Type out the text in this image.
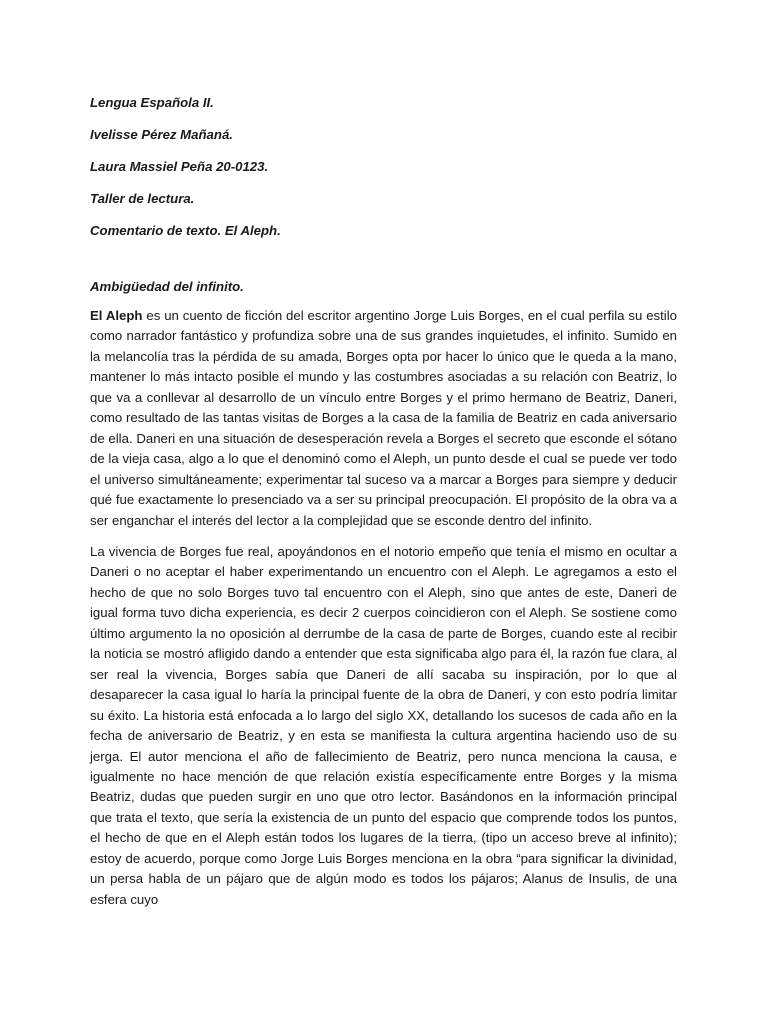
Lengua Española II.

Ivelisse Pérez Mañaná.

Laura Massiel Peña 20-0123.

Taller de lectura.

Comentario de texto. El Aleph.

Ambigüedad del infinito.

El Aleph es un cuento de ficción del escritor argentino Jorge Luis Borges, en el cual perfila su estilo como narrador fantástico y profundiza sobre una de sus grandes inquietudes, el infinito. Sumido en la melancolía tras la pérdida de su amada, Borges opta por hacer lo único que le queda a la mano, mantener lo más intacto posible el mundo y las costumbres asociadas a su relación con Beatriz, lo que va a conllevar al desarrollo de un vínculo entre Borges y el primo hermano de Beatriz, Daneri, como resultado de las tantas visitas de Borges a la casa de la familia de Beatriz en cada aniversario de ella. Daneri en una situación de desesperación revela a Borges el secreto que esconde el sótano de la vieja casa, algo a lo que el denominó como el Aleph, un punto desde el cual se puede ver todo el universo simultáneamente; experimentar tal suceso va a marcar a Borges para siempre y deducir qué fue exactamente lo presenciado va a ser su principal preocupación. El propósito de la obra va a ser enganchar el interés del lector a la complejidad que se esconde dentro del infinito.

La vivencia de Borges fue real, apoyándonos en el notorio empeño que tenía el mismo en ocultar a Daneri o no aceptar el haber experimentando un encuentro con el Aleph. Le agregamos a esto el hecho de que no solo Borges tuvo tal encuentro con el Aleph, sino que antes de este, Daneri de igual forma tuvo dicha experiencia, es decir 2 cuerpos coincidieron con el Aleph. Se sostiene como último argumento la no oposición al derrumbe de la casa de parte de Borges, cuando este al recibir la noticia se mostró afligido dando a entender que esta significaba algo para él, la razón fue clara, al ser real la vivencia, Borges sabía que Daneri de allí sacaba su inspiración, por lo que al desaparecer la casa igual lo haría la principal fuente de la obra de Daneri, y con esto podría limitar su éxito. La historia está enfocada a lo largo del siglo XX, detallando los sucesos de cada año en la fecha de aniversario de Beatriz, y en esta se manifiesta la cultura argentina haciendo uso de su jerga. El autor menciona el año de fallecimiento de Beatriz, pero nunca menciona la causa, e igualmente no hace mención de que relación existía específicamente entre Borges y la misma Beatriz, dudas que pueden surgir en uno que otro lector. Basándonos en la información principal que trata el texto, que sería la existencia de un punto del espacio que comprende todos los puntos, el hecho de que en el Aleph están todos los lugares de la tierra, (tipo un acceso breve al infinito); estoy de acuerdo, porque como Jorge Luis Borges menciona en la obra “para significar la divinidad, un persa habla de un pájaro que de algún modo es todos los pájaros; Alanus de Insulis, de una esfera cuyo
